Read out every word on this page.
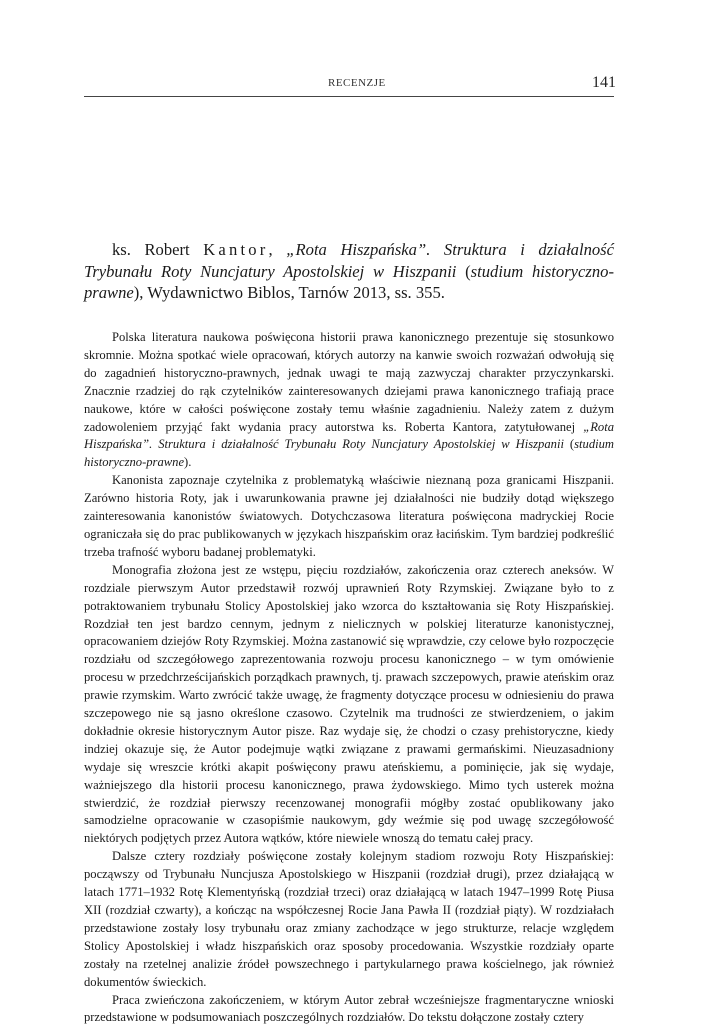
RECENZJE	141
ks. Robert Kantor, „Rota Hiszpańska”. Struktura i działalność Trybunału Roty Nuncjatury Apostolskiej w Hiszpanii (studium historyczno-prawne), Wydawnictwo Biblos, Tarnów 2013, ss. 355.

Polska literatura naukowa poświęcona historii prawa kanonicznego prezentuje się stosunkowo skromnie. Można spotkać wiele opracowań, których autorzy na kanwie swoich rozważań odwołują się do zagadnień historyczno-prawnych, jednak uwagi te mają zazwyczaj charakter przyczynkarski. Znacznie rzadziej do rąk czytelników zainteresowanych dziejami prawa kanonicznego trafiają prace naukowe, które w całości poświęcone zostały temu właśnie zagadnieniu. Należy zatem z dużym zadowoleniem przyjąć fakt wydania pracy autorstwa ks. Roberta Kantora, zatytułowanej „Rota Hiszpańska”. Struktura i działalność Trybunału Roty Nuncjatury Apostolskiej w Hiszpanii (studium historyczno-prawne).

Kanonista zapoznaje czytelnika z problematyką właściwie nieznaną poza granicami Hiszpanii. Zarówno historia Roty, jak i uwarunkowania prawne jej działalności nie budziły dotąd większego zainteresowania kanonistów światowych. Dotychczasowa literatura poświęcona madryckiej Rocie ograniczała się do prac publikowanych w językach hiszpańskim oraz łacińskim. Tym bardziej podkreślić trzeba trafność wyboru badanej problematyki.

Monografia złożona jest ze wstępu, pięciu rozdziałów, zakończenia oraz czterech aneksów. W rozdziale pierwszym Autor przedstawił rozwój uprawnień Roty Rzymskiej. Związane było to z potraktowaniem trybunału Stolicy Apostolskiej jako wzorca do kształtowania się Roty Hiszpańskiej. Rozdział ten jest bardzo cennym, jednym z nielicznych w polskiej literaturze kanonistycznej, opracowaniem dziejów Roty Rzymskiej. Można zastanowić się wprawdzie, czy celowe było rozpoczęcie rozdziału od szczegółowego zaprezentowania rozwoju procesu kanonicznego – w tym omówienie procesu w przedchrześcijańskich porządkach prawnych, tj. prawach szczepowych, prawie ateńskim oraz prawie rzymskim. Warto zwrócić także uwagę, że fragmenty dotyczące procesu w odniesieniu do prawa szczepowego nie są jasno określone czasowo. Czytelnik ma trudności ze stwierdzeniem, o jakim dokładnie okresie historycznym Autor pisze. Raz wydaje się, że chodzi o czasy prehistoryczne, kiedy indziej okazuje się, że Autor podejmuje wątki związane z prawami germańskimi. Nieuzasadniony wydaje się wreszcie krótki akapit poświęcony prawu ateńskiemu, a pominięcie, jak się wydaje, ważniejszego dla historii procesu kanonicznego, prawa żydowskiego. Mimo tych usterek można stwierdzić, że rozdział pierwszy recenzowanej monografii mógłby zostać opublikowany jako samodzielne opracowanie w czasopiśmie naukowym, gdy weźmie się pod uwagę szczegółowość niektórych podjętych przez Autora wątków, które niewiele wnoszą do tematu całej pracy.

Dalsze cztery rozdziały poświęcone zostały kolejnym stadiom rozwoju Roty Hiszpańskiej: począwszy od Trybunału Nuncjusza Apostolskiego w Hiszpanii (rozdział drugi), przez działającą w latach 1771–1932 Rotę Klementyńską (rozdział trzeci) oraz działającą w latach 1947–1999 Rotę Piusa XII (rozdział czwarty), a kończąc na współczesnej Rocie Jana Pawła II (rozdział piąty). W rozdziałach przedstawione zostały losy trybunału oraz zmiany zachodzące w jego strukturze, relacje względem Stolicy Apostolskiej i władz hiszpańskich oraz sposoby procedowania. Wszystkie rozdziały oparte zostały na rzetelnej analizie źródeł powszechnego i partykularnego prawa kościelnego, jak również dokumentów świeckich.

Praca zwieńczona zakończeniem, w którym Autor zebrał wcześniejsze fragmentaryczne wnioski przedstawione w podsumowaniach poszczególnych rozdziałów. Do tekstu dołączone zostały cztery
